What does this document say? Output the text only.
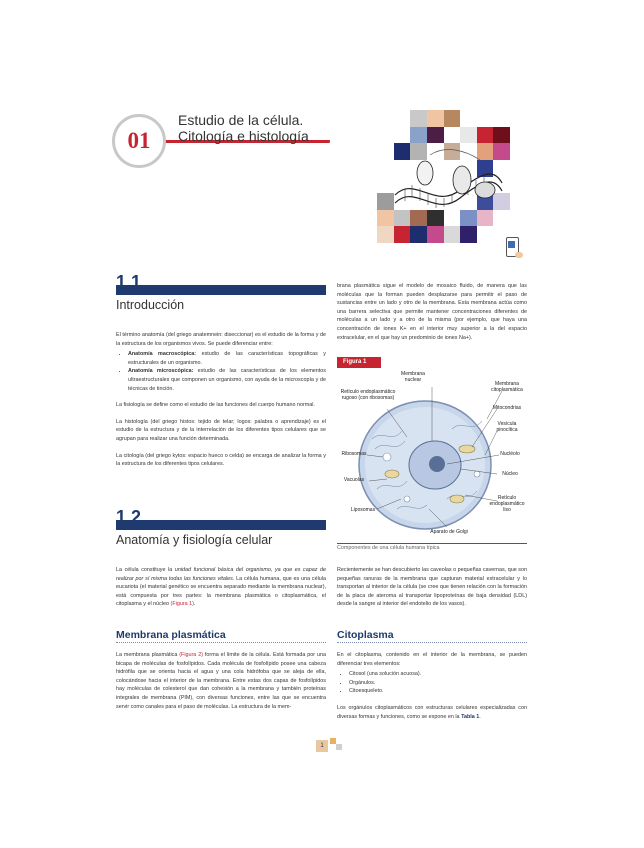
01
Estudio de la célula.
Citología e histología
1.1.
Introducción

El término anatomía (del griego anatemnein: diseccionar) es el estudio de la forma y de la estructura de los organismos vivos. Se puede diferenciar entre:

• Anatomía macroscópica: estudio de las características topográficas y estructurales de un organismo.
• Anatomía microscópica: estudio de las características de los elementos ultraestructurales que componen un organismo, con ayuda de la microscopía y de técnicas de tinción.

La fisiología se define como el estudio de las funciones del cuerpo humano normal.

La histología (del griego histos: tejido de telar; logos: palabra o aprendizaje) es el estudio de la estructura y de la interrelación de los diferentes tipos celulares que se agrupan para realizar una función determinada.

La citología (del griego kytos: espacio hueco o celda) se encarga de analizar la forma y la estructura de los diferentes tipos celulares.

1.2.
Anatomía y fisiología celular

La célula constituye la unidad funcional básica del organismo, ya que es capaz de realizar por sí misma todas las funciones vitales. La célula humana, que es una célula eucariota (el material genético se encuentra separado mediante la membrana nuclear), está compuesta por tres partes: la membrana plasmática o citoplasmática, el citoplasma y el núcleo (Figura 1).

Membrana plasmática

La membrana plasmática (Figura 2) forma el límite de la célula. Está formada por una bicapa de moléculas de fosfolípidos. Cada molécula de fosfolípido posee una cabeza hidrófila que se orienta hacia el agua y una cola hidrófoba que se aleja de ella, colocándose hacia el interior de la membrana. Entre estas dos capas de fosfolípidos hay moléculas de colesterol que dan cohesión a la membrana y también proteínas integrales de membrana (PIM), con diversas funciones, entre las que se encuentra servir como canales para el paso de moléculas. La estructura de la mem-

brana plasmática sigue el modelo de mosaico fluido, de manera que las moléculas que la forman pueden desplazarse para permitir el paso de sustancias entre un lado y otro de la membrana. Esta membrana actúa como una barrera selectiva que permite mantener concentraciones diferentes de moléculas a un lado y a otro de la misma (por ejemplo, que haya una concentración de iones K+ en el interior muy superior a la del espacio extracelular, en el que hay un predominio de iones Na+).

Figura 1
Membrana nuclear
Retículo endoplasmático rugoso (con ribosomas)
Membrana citoplasmática
Mitocondrias
Vesícula pinocítica
Ribosomas	Nucléolo
Núcleo
Vacuolas
Retículo endoplasmático liso
Liposomas
Aparato de Golgi
Componentes de una célula humana típica

Recientemente se han descubierto las caveolas o pequeñas cavernas, que son pequeñas ranuras de la membrana que capturan material extracelular y lo transportan al interior de la célula (se cree que tienen relación con la formación de la placa de ateroma al transportar lipoproteínas de baja densidad (LDL) desde la sangre al interior del endotelio de los vasos).

Citoplasma

En el citoplasma, contenido en el interior de la membrana, se pueden diferenciar tres elementos:

• Citosol (una solución acuosa).
• Orgánulos.
• Citoesqueleto.

Los orgánulos citoplasmáticos con estructuras celulares especializadas con diversas formas y funciones, como se expone en la Tabla 1.

1
